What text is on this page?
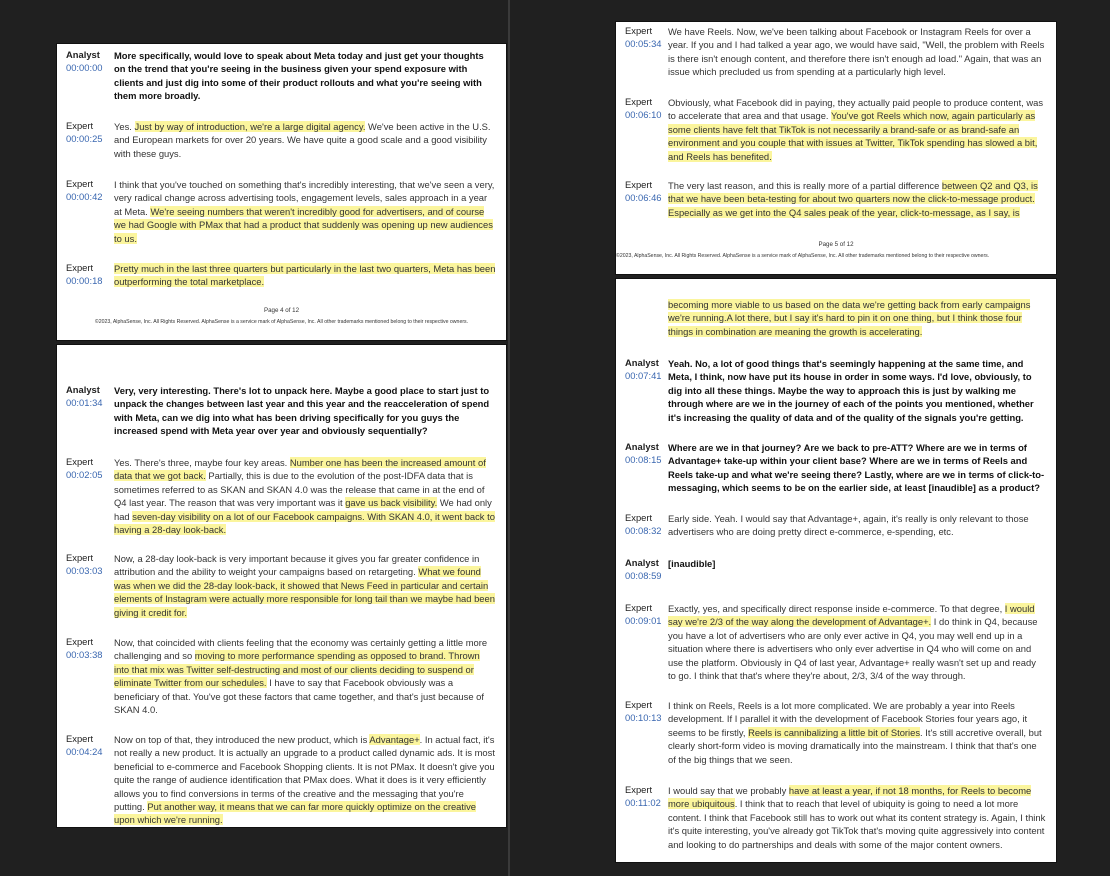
Analyst
00:00:00
More specifically, would love to speak about Meta today and just get your thoughts on the trend that you're seeing in the business given your spend exposure with clients and just dig into some of their product rollouts and what you're seeing with them more broadly.
Expert
00:00:25
Yes. Just by way of introduction, we're a large digital agency. We've been active in the U.S. and European markets for over 20 years. We have quite a good scale and a good visibility with these guys.
Expert
00:00:42
I think that you've touched on something that's incredibly interesting, that we've seen a very, very radical change across advertising tools, engagement levels, sales approach in a year at Meta. We're seeing numbers that weren't incredibly good for advertisers, and of course we had Google with PMax that had a product that suddenly was opening up new audiences to us.
Expert
00:00:18
Pretty much in the last three quarters but particularly in the last two quarters, Meta has been outperforming the total marketplace.
Page 4 of 12
©2023, AlphaSense, Inc. All Rights Reserved. AlphaSense is a service mark of AlphaSense, Inc. All other trademarks mentioned belong to their respective owners.
Analyst
00:01:34
Very, very interesting. There's lot to unpack here. Maybe a good place to start just to unpack the changes between last year and this year and the reacceleration of spend with Meta, can we dig into what has been driving specifically for you guys the increased spend with Meta year over year and obviously sequentially?
Expert
00:02:05
Yes. There's three, maybe four key areas. Number one has been the increased amount of data that we got back. Partially, this is due to the evolution of the post-IDFA data that is sometimes referred to as SKAN and SKAN 4.0 was the release that came in at the end of Q4 last year. The reason that was very important was it gave us back visibility. We had only had seven-day visibility on a lot of our Facebook campaigns. With SKAN 4.0, it went back to having a 28-day look-back.
Expert
00:03:03
Now, a 28-day look-back is very important because it gives you far greater confidence in attribution and the ability to weight your campaigns based on retargeting. What we found was when we did the 28-day look-back, it showed that News Feed in particular and certain elements of Instagram were actually more responsible for long tail than we maybe had been giving it credit for.
Expert
00:03:38
Now, that coincided with clients feeling that the economy was certainly getting a little more challenging and so moving to more performance spending as opposed to brand. Thrown into that mix was Twitter self-destructing and most of our clients deciding to suspend or eliminate Twitter from our schedules. I have to say that Facebook obviously was a beneficiary of that. You've got these factors that came together, and that's just because of SKAN 4.0.
Expert
00:04:24
Now on top of that, they introduced the new product, which is Advantage+. In actual fact, it's not really a new product. It is actually an upgrade to a product called dynamic ads. It is most beneficial to e-commerce and Facebook Shopping clients. It is not PMax. It doesn't give you quite the range of audience identification that PMax does. What it does is it very efficiently allows you to find conversions in terms of the creative and the messaging that you're putting. Put another way, it means that we can far more quickly optimize on the creative upon which we're running.
Expert
00:05:34
We have Reels. Now, we've been talking about Facebook or Instagram Reels for over a year. If you and I had talked a year ago, we would have said, "Well, the problem with Reels is there isn't enough content, and therefore there isn't enough ad load." Again, that was an issue which precluded us from spending at a particularly high level.
Expert
00:06:10
Obviously, what Facebook did in paying, they actually paid people to produce content, was to accelerate that area and that usage. You've got Reels which now, again particularly as some clients have felt that TikTok is not necessarily a brand-safe or as brand-safe an environment and you couple that with issues at Twitter, TikTok spending has slowed a bit, and Reels has benefited.
Expert
00:06:46
The very last reason, and this is really more of a partial difference between Q2 and Q3, is that we have been beta-testing for about two quarters now the click-to-message product. Especially as we get into the Q4 sales peak of the year, click-to-message, as I say, is
Page 5 of 12
©2023, AlphaSense, Inc. All Rights Reserved. AlphaSense is a service mark of AlphaSense, Inc. All other trademarks mentioned belong to their respective owners.
becoming more viable to us based on the data we're getting back from early campaigns we're running.A lot there, but I say it's hard to pin it on one thing, but I think those four things in combination are meaning the growth is accelerating.
Analyst
00:07:41
Yeah. No, a lot of good things that's seemingly happening at the same time, and Meta, I think, now have put its house in order in some ways. I'd love, obviously, to dig into all these things. Maybe the way to approach this is just by walking me through where are we in the journey of each of the points you mentioned, whether it's increasing the quality of data and of the quality of the signals you're getting.
Analyst
00:08:15
Where are we in that journey? Are we back to pre-ATT? Where are we in terms of Advantage+ take-up within your client base? Where are we in terms of Reels and Reels take-up and what we're seeing there? Lastly, where are we in terms of click-to-messaging, which seems to be on the earlier side, at least [inaudible] as a product?
Expert
00:08:32
Early side. Yeah. I would say that Advantage+, again, it's really is only relevant to those advertisers who are doing pretty direct e-commerce, e-spending, etc.
Analyst
00:08:59
[inaudible]
Expert
00:09:01
Exactly, yes, and specifically direct response inside e-commerce. To that degree, I would say we're 2/3 of the way along the development of Advantage+. I do think in Q4, because you have a lot of advertisers who are only ever active in Q4, you may well end up in a situation where there is advertisers who only ever advertise in Q4 who will come on and use the platform. Obviously in Q4 of last year, Advantage+ really wasn't set up and ready to go. I think that that's where they're about, 2/3, 3/4 of the way through.
Expert
00:10:13
I think on Reels, Reels is a lot more complicated. We are probably a year into Reels development. If I parallel it with the development of Facebook Stories four years ago, it seems to be firstly, Reels is cannibalizing a little bit of Stories. It's still accretive overall, but clearly short-form video is moving dramatically into the mainstream. I think that that's one of the big things that we seen.
Expert
00:11:02
I would say that we probably have at least a year, if not 18 months, for Reels to become more ubiquitous. I think that to reach that level of ubiquity is going to need a lot more content. I think that Facebook still has to work out what its content strategy is. Again, I think it's quite interesting, you've already got TikTok that's moving quite aggressively into content and looking to do partnerships and deals with some of the major content owners.
